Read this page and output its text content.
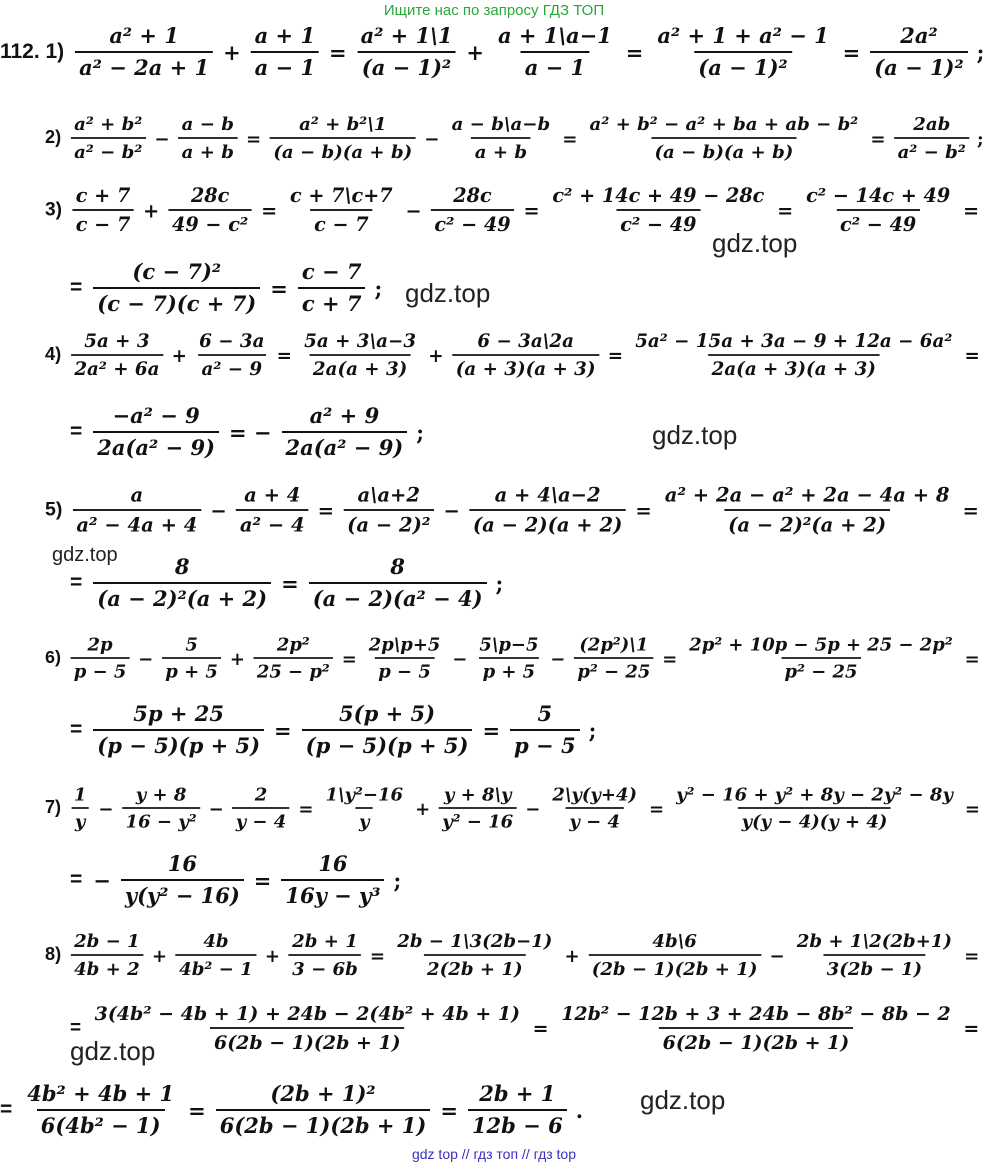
Ищите нас по запросу ГДЗ ТОП
112. $1) \frac{\text{a² + 1}}{\text{a² − 2a + 1}} + \frac{a + 1}{a - 1} = \frac{\text{a² + 1\textbackslash{}1}}{\text{(a − 1)²}} + \frac{a + 1\backslash a-1}{a - 1} = \frac{\text{a² + 1 + a² − 1}}{\text{(a − 1)²}} = \frac{\text{2a²}}{\text{(a − 1)²}}$ ;
$2) \frac{\text{a² + b²}}{\text{a² − b²}} - \frac{a - b}{a + b} = \frac{\text{a² + b²\textbackslash{}1}}{(a - b)(a + b)} - \frac{a - b\backslash a-b}{a + b} = \frac{\text{a² + b² − a² + ba + ab − b²}}{(a - b)(a + b)} = \frac{2ab}{\text{a² − b²}}$ ;
$3) \frac{c + 7}{c - 7} + \frac{28c}{\text{49 − c²}} = \frac{c + 7\backslash c+7}{c - 7} - \frac{28c}{\text{c² − 49}} = \frac{\text{c² + 14c + 49 − 28c}}{\text{c² − 49}} = \frac{\text{c² − 14c + 49}}{\text{c² − 49}}$ =
= $\frac{\text{(c − 7)²}}{(c - 7)(c + 7)} = \frac{c - 7}{c + 7}$ ;
$4) \frac{5a + 3}{\text{2a² + 6a}} + \frac{6 - 3a}{\text{a² − 9}} = \frac{5a + 3\backslash a-3}{2a(a + 3)} + \frac{6 - 3a\backslash 2a}{(a + 3)(a + 3)} = \frac{\text{5a² − 15a + 3a − 9 + 12a − 6a²}}{2a(a + 3)(a + 3)}$ =
= $\frac{\text{−a² − 9}}{\text{2a(a² − 9)}}$ = − $\frac{\text{a² + 9}}{\text{2a(a² − 9)}}$ ;
$5) \frac{a}{\text{a² − 4a + 4}} - \frac{a + 4}{\text{a² − 4}} = \frac{a\backslash a+2}{\text{(a − 2)²}} - \frac{a + 4\backslash a-2}{(a - 2)(a + 2)} = \frac{\text{a² + 2a − a² + 2a − 4a + 8}}{\text{(a − 2)²(a + 2)}}$ =
= $\frac{8}{\text{(a − 2)²(a + 2)}} = \frac{8}{\text{(a − 2)(a² − 4)}}$ ;
$6) \frac{2p}{p - 5} - \frac{5}{p + 5} + \frac{\text{2p²}}{\text{25 − p²}} = \frac{2p\backslash p+5}{p - 5} - \frac{5\backslash p-5}{p + 5} - \frac{\text{(2p²)\textbackslash{}1}}{\text{p² − 25}} = \frac{\text{2p² + 10p − 5p + 25 − 2p²}}{\text{p² − 25}}$ =
= $\frac{5p + 25}{(p - 5)(p + 5)} = \frac{5(p + 5)}{(p - 5)(p + 5)} = \frac{5}{p - 5}$ ;
$7) \frac{1}{y} - \frac{y + 8}{\text{16 − y²}} - \frac{2}{y - 4} = \frac{\text{1\textbackslash{}y²−16}}{y} + \frac{y + 8\backslash y}{\text{y² − 16}} - \frac{2\backslash y(y+4)}{y - 4} = \frac{\text{y² − 16 + y² + 8y − 2y² − 8y}}{y(y - 4)(y + 4)}$ =
= − $\frac{16}{\text{y(y² − 16)}} = \frac{16}{\text{16y − y³}}$ ;
$8) \frac{2b - 1}{4b + 2} + \frac{4b}{\text{4b² − 1}} + \frac{2b + 1}{3 - 6b} = \frac{2b - 1\backslash 3(2b-1)}{2(2b + 1)} + \frac{4b\backslash 6}{(2b - 1)(2b + 1)} - \frac{2b + 1\backslash 2(2b+1)}{3(2b - 1)}$ =
= $\frac{\text{3(4b² − 4b + 1) + 24b − 2(4b² + 4b + 1)}}{6(2b - 1)(2b + 1)} = \frac{\text{12b² − 12b + 3 + 24b − 8b² − 8b − 2}}{6(2b - 1)(2b + 1)}$ =
= $\frac{\text{4b² + 4b + 1}}{\text{6(4b² − 1)}} = \frac{\text{(2b + 1)²}}{6(2b - 1)(2b + 1)} = \frac{2b + 1}{12b - 6}$ .
gdz.top
gdz.top
gdz.top
gdz.top
gdz.top
gdz.top
gdz top // гдз топ // гдз top
